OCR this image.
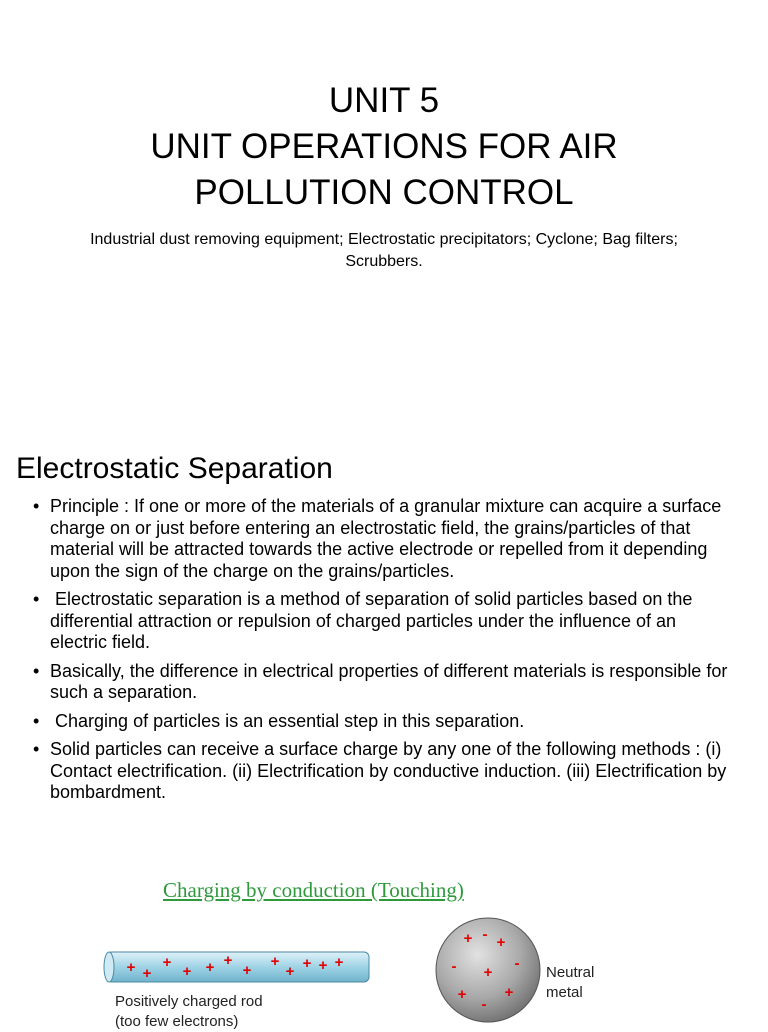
UNIT 5
UNIT OPERATIONS FOR AIR
POLLUTION CONTROL
Industrial dust removing equipment; Electrostatic precipitators; Cyclone; Bag filters;    Scrubbers.
Electrostatic Separation
• Principle : If one or more of the materials of a granular mixture can acquire a surface charge on or just before entering an electrostatic field, the grains/particles of that material will be attracted towards the active electrode or repelled from it depending upon the sign of the charge on the grains/particles.
• Electrostatic separation is a method of separation of solid particles based on the differential attraction or repulsion of charged particles under the influence of an electric field.
• Basically, the difference in electrical properties of different materials is responsible for such a separation.
• Charging of particles is an essential step in this separation.
• Solid particles can receive a surface charge by any one of the following methods : (i) Contact electrification. (ii) Electrification by conductive induction. (iii) Electrification by bombardment.
Charging by conduction (Touching)
+ +
+
+ + +
+
+
+ + + +
+ +
+
+	+
-
-	-
-
Positively charged rod
(too few electrons)
Neutral
metal
